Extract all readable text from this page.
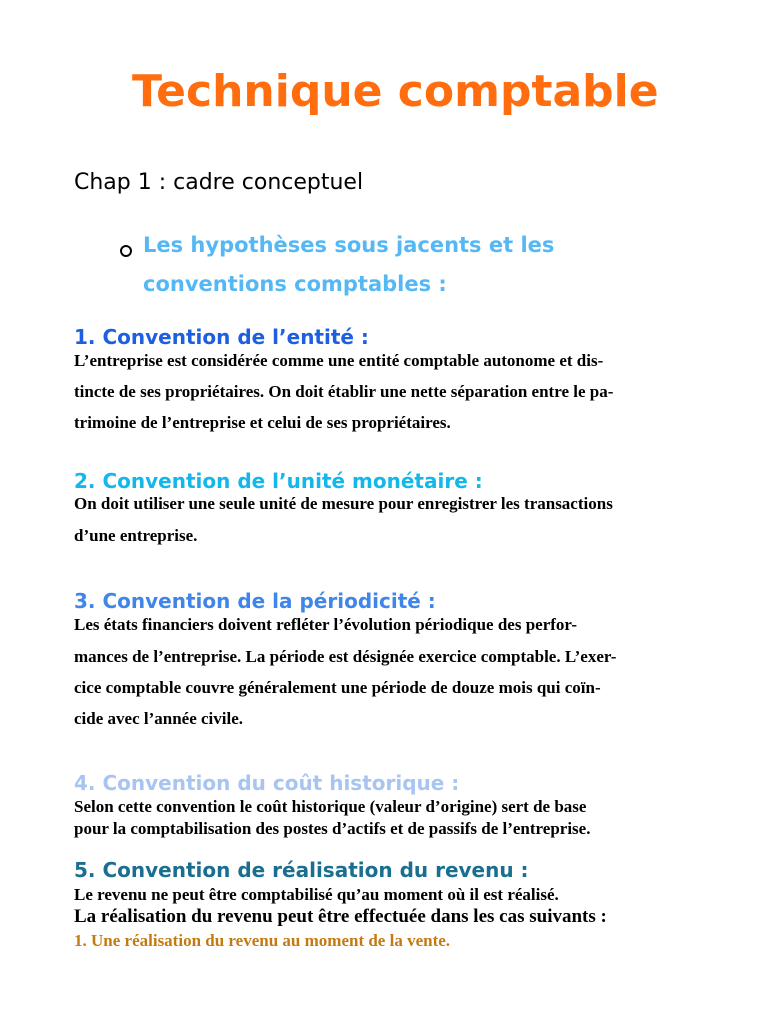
Technique comptable
Chap 1 : cadre conceptuel
Les hypothèses sous jacents et les
conventions comptables :
1. Convention de l’entité :
L’entreprise est considérée comme une entité comptable autonome et dis-
tincte de ses propriétaires. On doit établir une nette séparation entre le pa-
trimoine de l’entreprise et celui de ses propriétaires.
2. Convention de l’unité monétaire :
On doit utiliser une seule unité de mesure pour enregistrer les transactions
d’une entreprise.
3. Convention de la périodicité :
Les états financiers doivent refléter l’évolution périodique des perfor-
mances de l’entreprise. La période est désignée exercice comptable. L’exer-
cice comptable couvre généralement une période de douze mois qui coïn-
cide avec l’année civile.
4. Convention du coût historique :
Selon cette convention le coût historique (valeur d’origine) sert de base
pour la comptabilisation des postes d’actifs et de passifs de l’entreprise.
5. Convention de réalisation du revenu :
Le revenu ne peut être comptabilisé qu’au moment où il est réalisé.
La réalisation du revenu peut être effectuée dans les cas suivants :
1. Une réalisation du revenu au moment de la vente.
